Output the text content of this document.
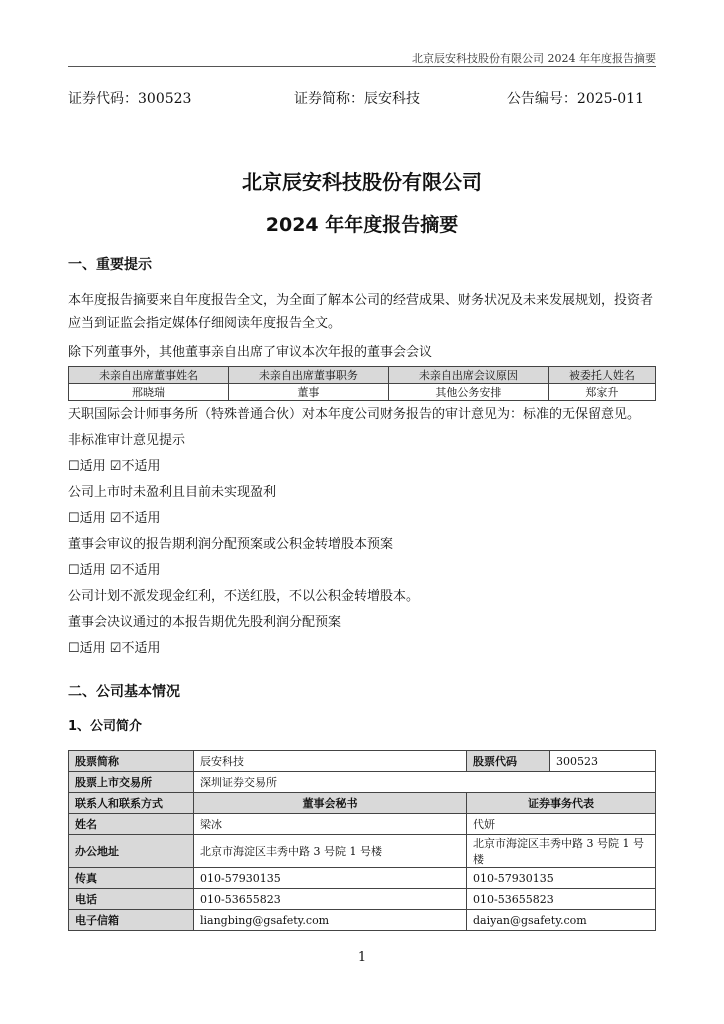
北京辰安科技股份有限公司 2024 年年度报告摘要
证券代码：300523	证券简称：辰安科技	公告编号：2025-011
北京辰安科技股份有限公司
2024 年年度报告摘要
一、重要提示
本年度报告摘要来自年度报告全文，为全面了解本公司的经营成果、财务状况及未来发展规划，投资者
应当到证监会指定媒体仔细阅读年度报告全文。
除下列董事外，其他董事亲自出席了审议本次年报的董事会会议
未亲自出席董事姓名	未亲自出席董事职务	未亲自出席会议原因	被委托人姓名
邢晓瑞	董事	其他公务安排	郑家升
天职国际会计师事务所（特殊普通合伙）对本年度公司财务报告的审计意见为：标准的无保留意见。
非标准审计意见提示
☐适用 ☑不适用
公司上市时未盈利且目前未实现盈利
☐适用 ☑不适用
董事会审议的报告期利润分配预案或公积金转增股本预案
☐适用 ☑不适用
公司计划不派发现金红利，不送红股，不以公积金转增股本。
董事会决议通过的本报告期优先股利润分配预案
☐适用 ☑不适用
二、公司基本情况
1、公司简介
股票简称	辰安科技	股票代码	300523
股票上市交易所	深圳证券交易所		
联系人和联系方式	董事会秘书	证券事务代表	
姓名	梁冰	代妍	
办公地址	北京市海淀区丰秀中路 3 号院 1 号楼	北京市海淀区丰秀中路 3 号院 1 号楼	
传真	010-57930135	010-57930135	
电话	010-53655823	010-53655823	
电子信箱	liangbing@gsafety.com	daiyan@gsafety.com	
1
